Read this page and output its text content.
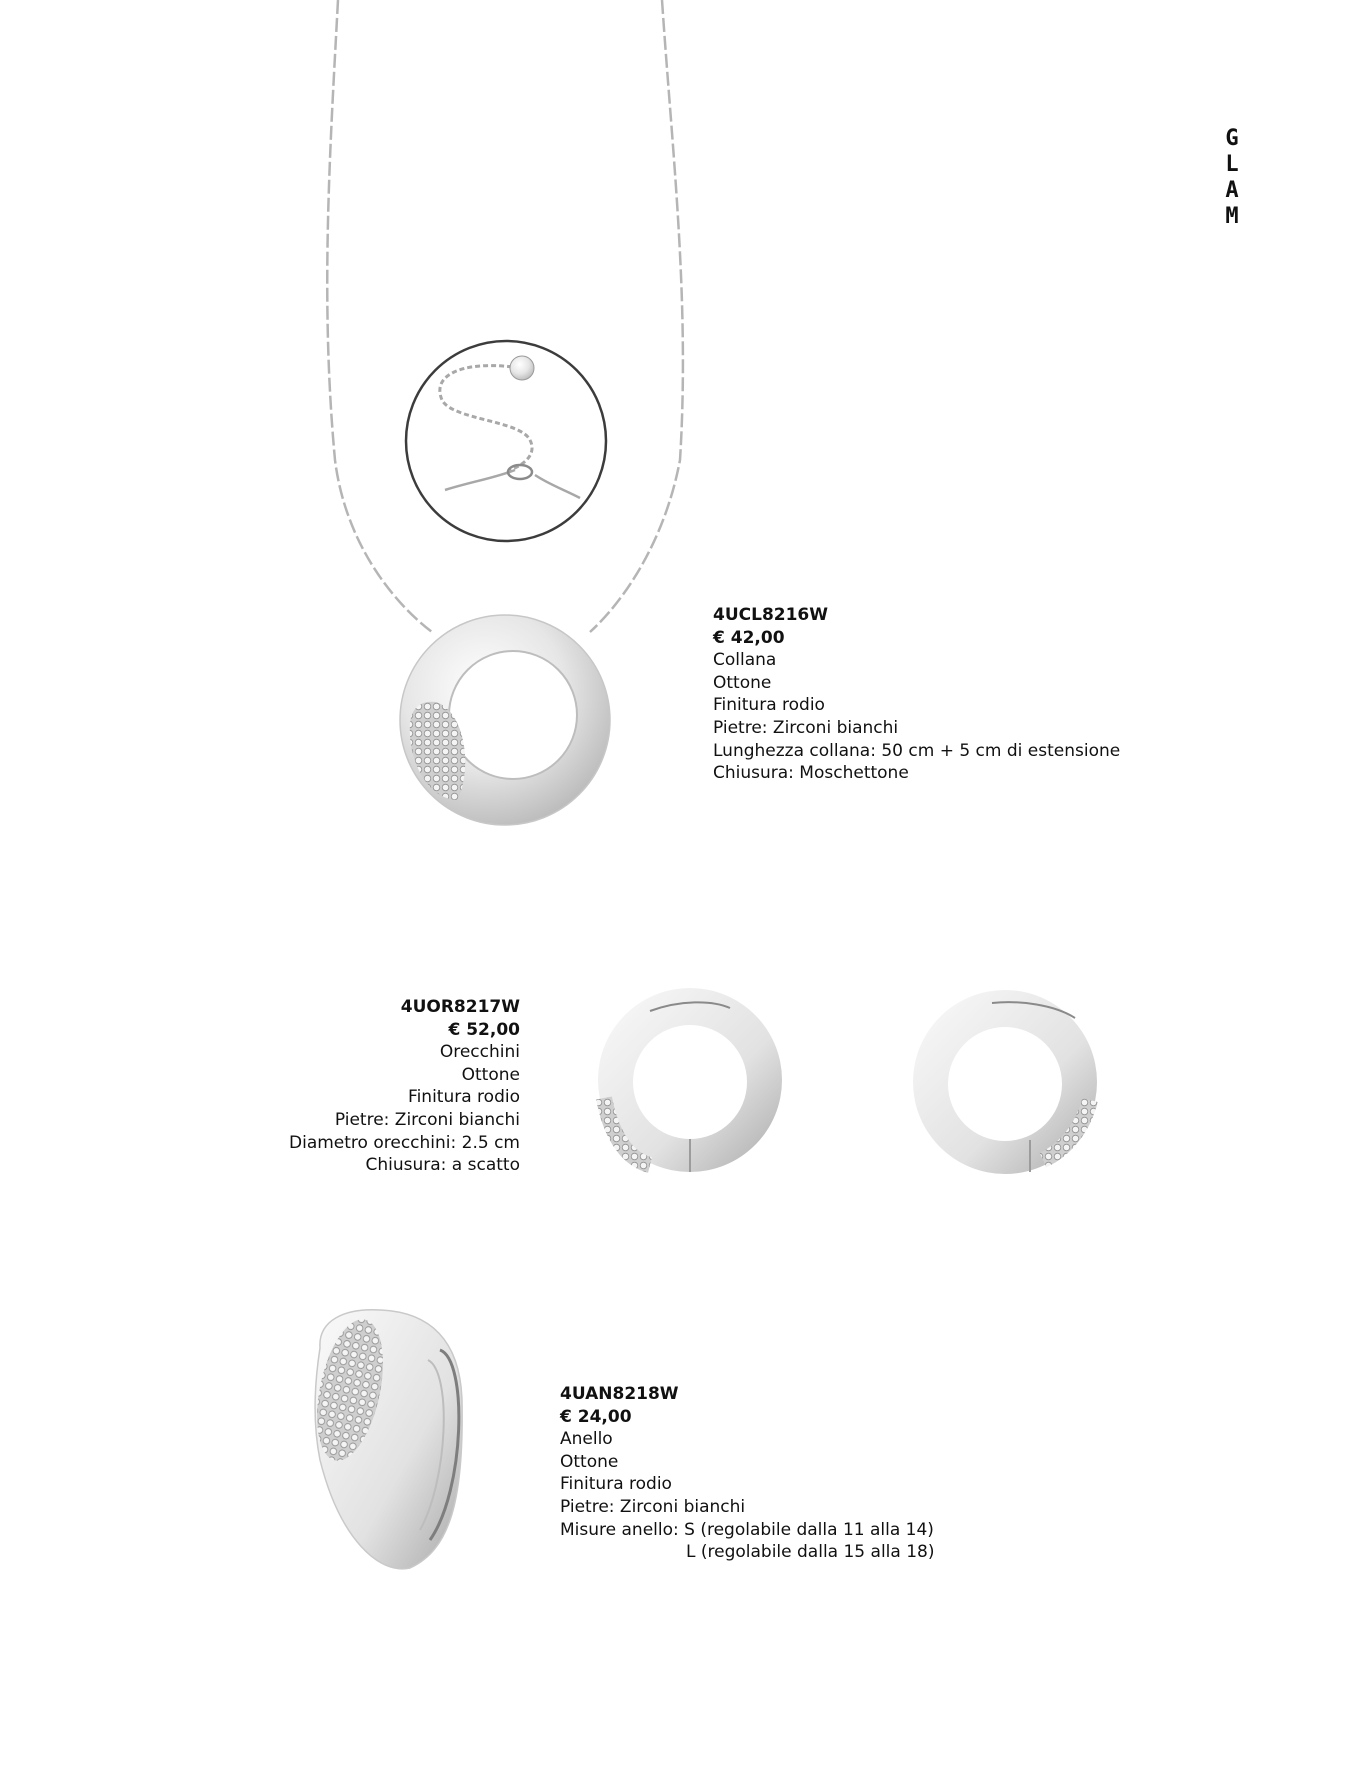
G
L
A
M
4UCL8216W
€ 42,00
Collana
Ottone
Finitura rodio
Pietre: Zirconi bianchi
Lunghezza collana: 50 cm + 5 cm di estensione
Chiusura: Moschettone
4UOR8217W
€ 52,00
Orecchini
Ottone
Finitura rodio
Pietre: Zirconi bianchi
Diametro orecchini: 2.5 cm
Chiusura: a scatto
4UAN8218W
€ 24,00
Anello
Ottone
Finitura rodio
Pietre: Zirconi bianchi
Misure anello: S (regolabile dalla 11 alla 14)
L (regolabile dalla 15 alla 18)
